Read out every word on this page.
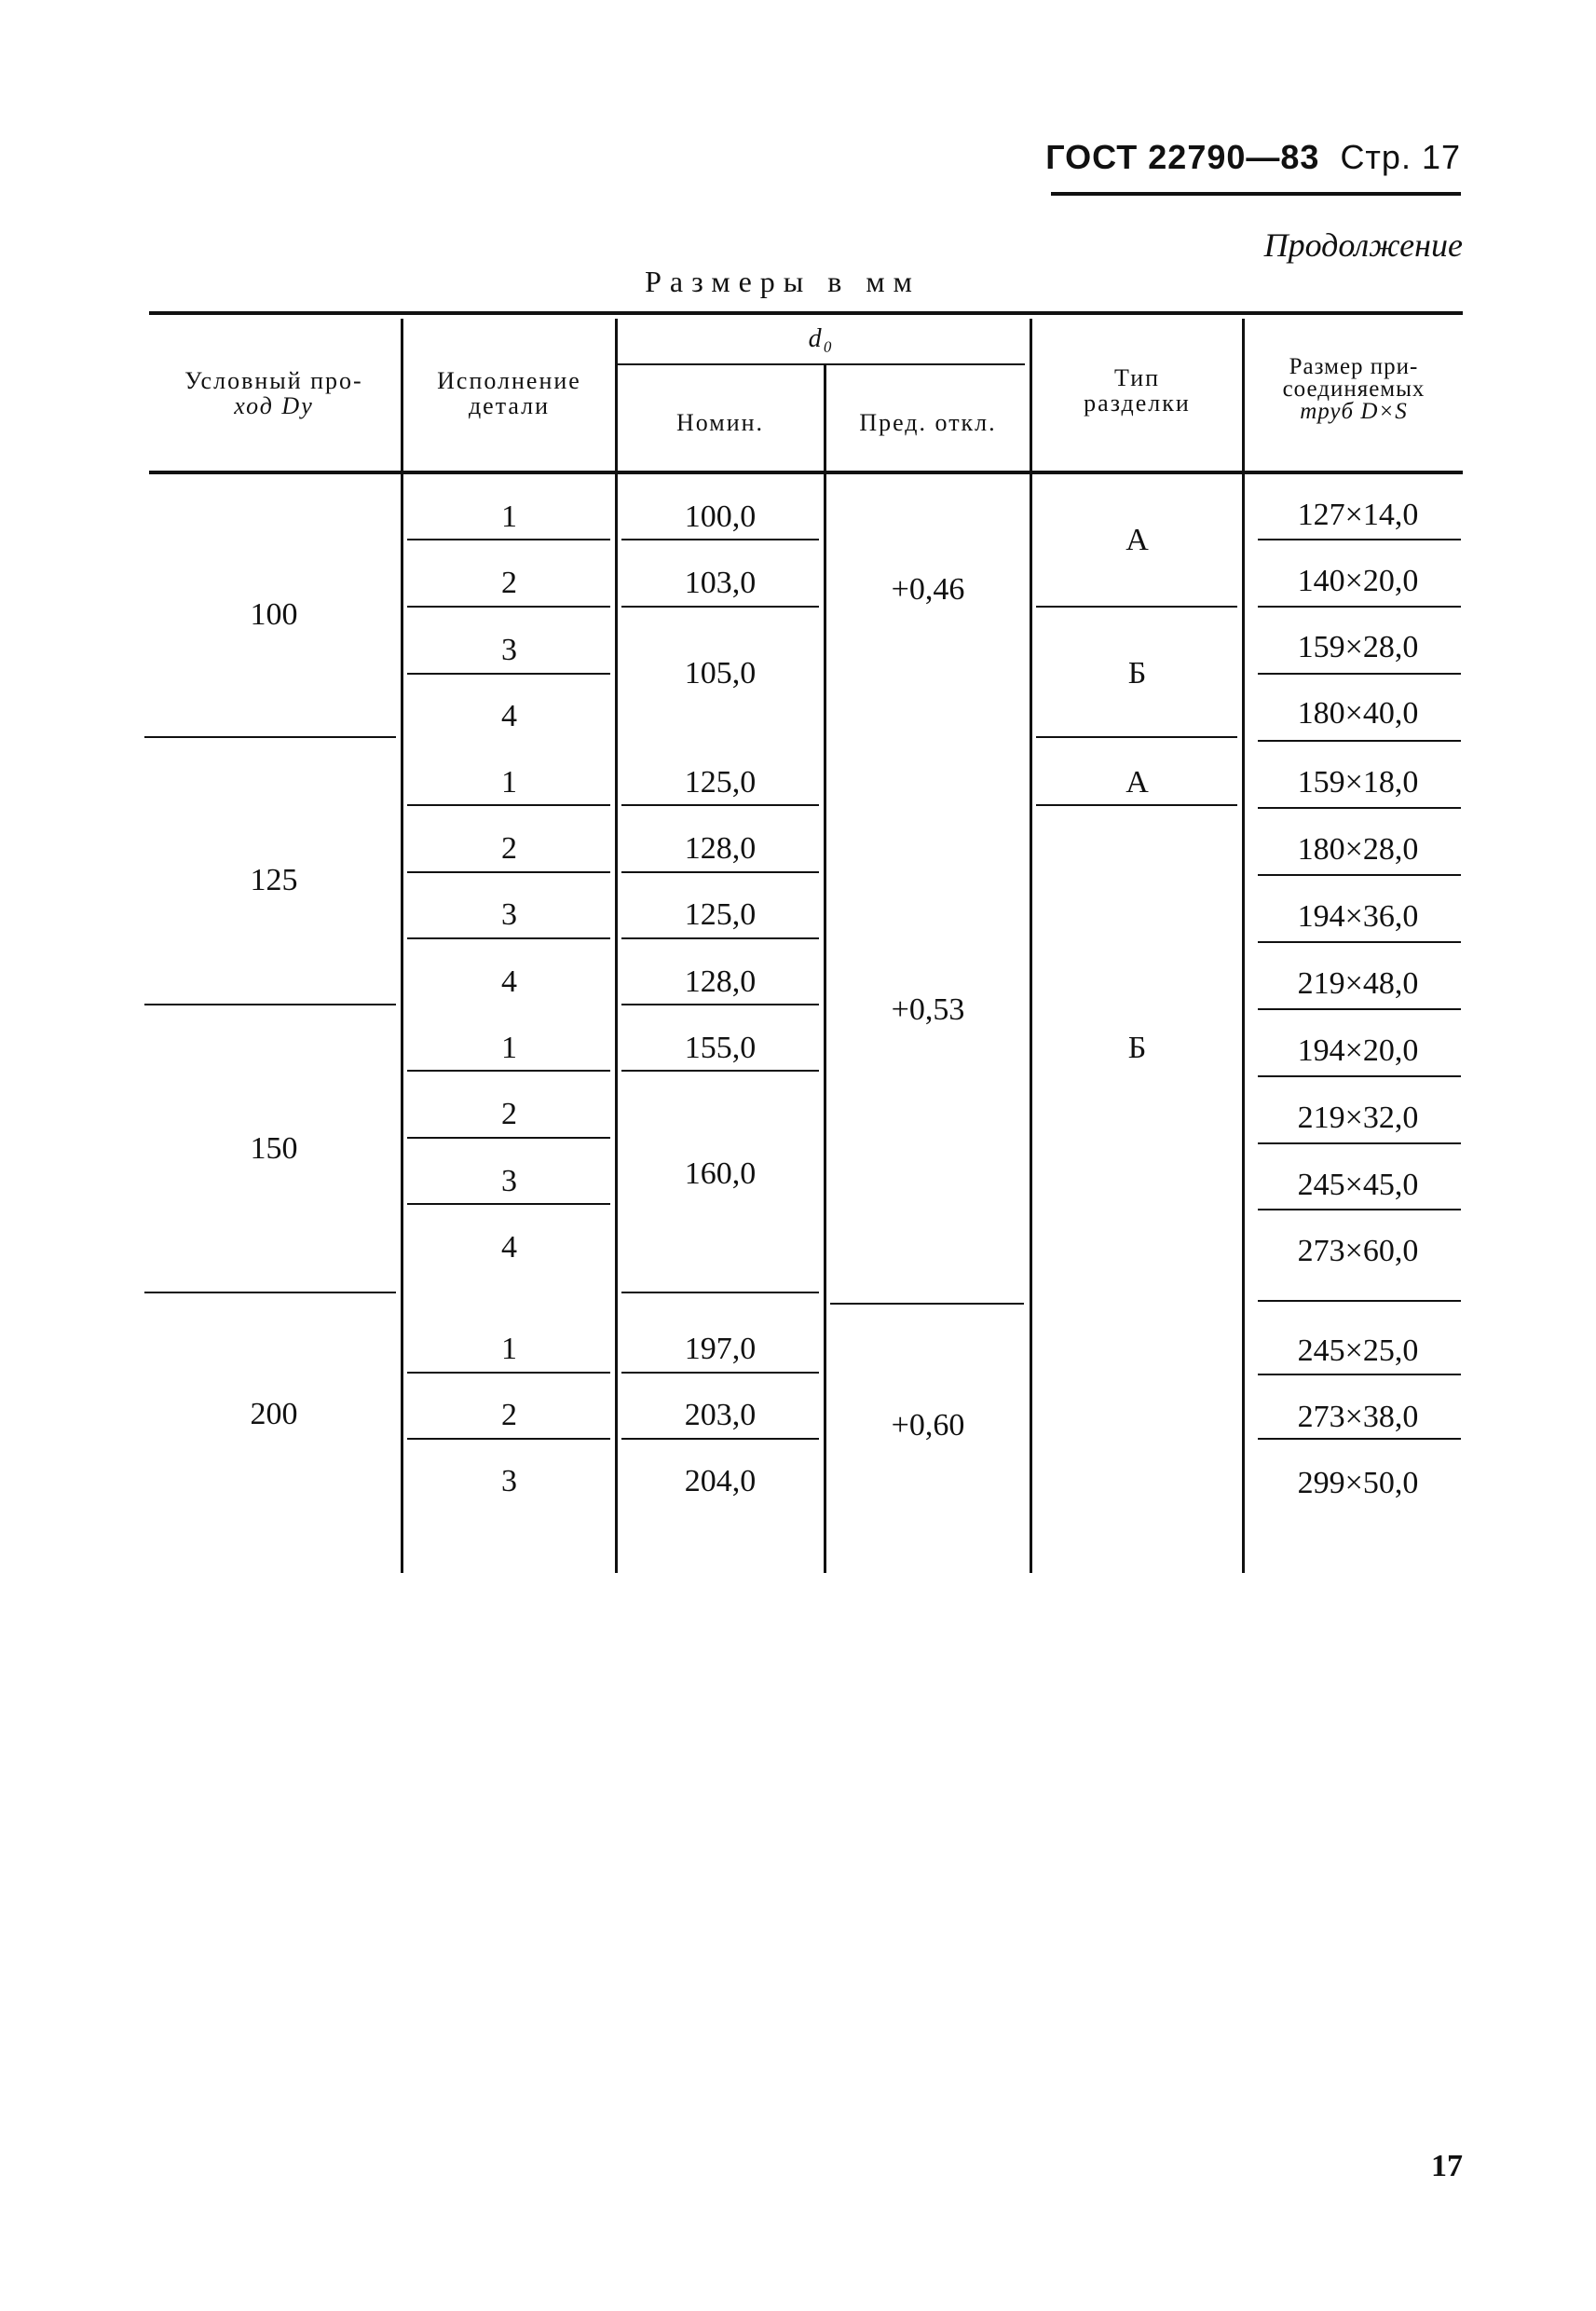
ГОСТ 22790—83 Стр. 17
Продолжение
Размеры в мм
Условный про-
ход Dу
Исполнение
детали
d₀
Номин.	Пред. откл.
Тип
разделки
Размер при-
соединяемых
труб D×S
100
125
150
200
1
2
3
4
1
2
3
4
1
2
3
4
1
2
3
100,0
103,0
105,0
125,0
128,0
125,0
128,0
155,0
160,0
197,0
203,0
204,0
+0,46
+0,53
+0,60
А
Б
А
Б
127×14,0
140×20,0
159×28,0
180×40,0
159×18,0
180×28,0
194×36,0
219×48,0
194×20,0
219×32,0
245×45,0
273×60,0
245×25,0
273×38,0
299×50,0
17
